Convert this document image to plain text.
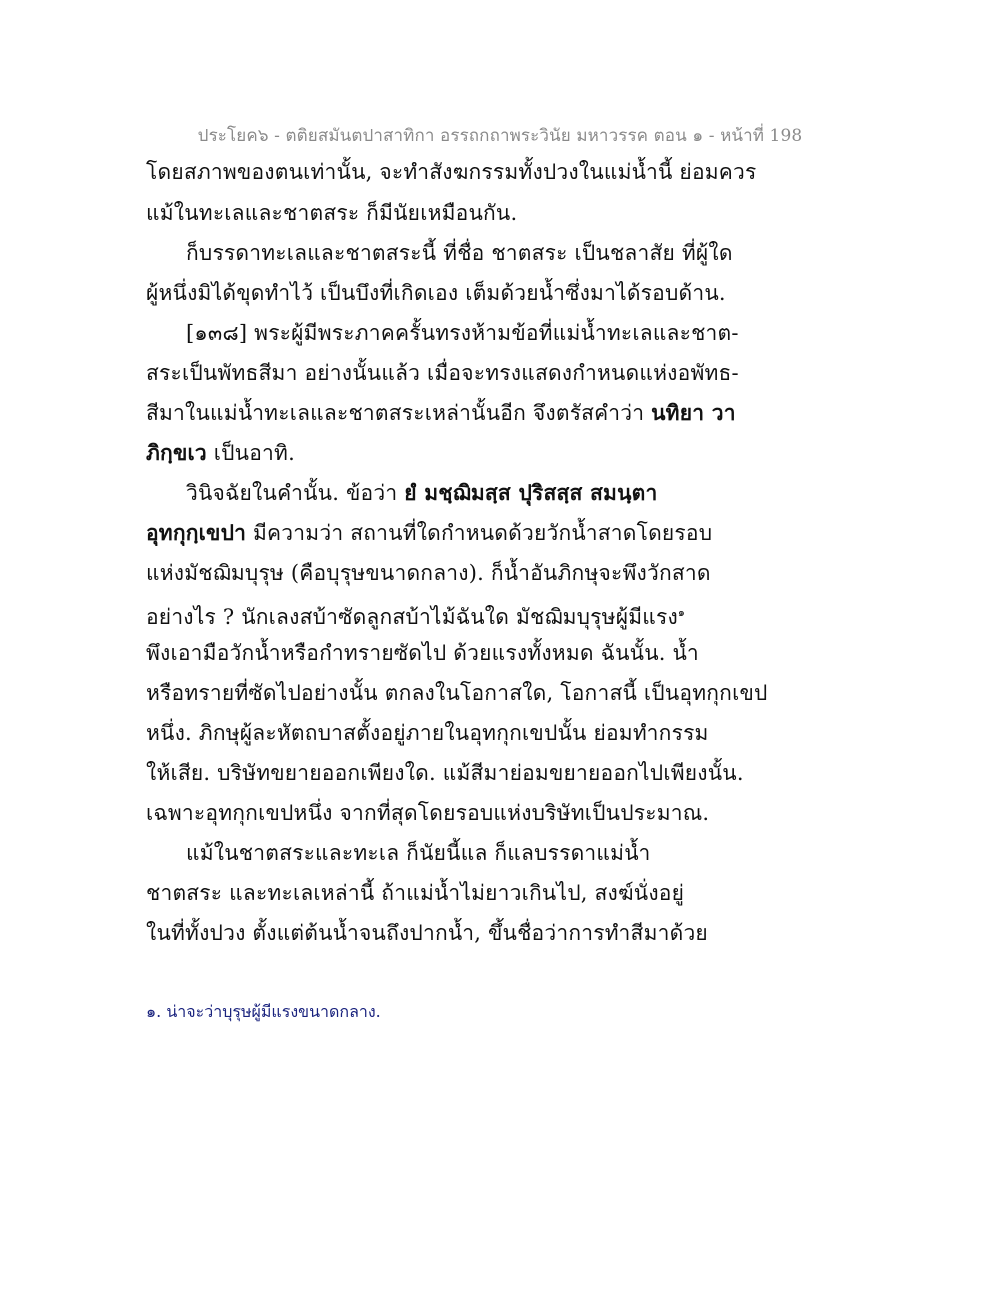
ประโยค๖ - ตติยสมันตปาสาทิกา อรรถกถาพระวินัย มหาวรรค ตอน ๑ - หน้าที่ 198
โดยสภาพของตนเท่านั้น, จะทำสังฆกรรมทั้งปวงในแม่น้ำนี้ ย่อมควร
แม้ในทะเลและชาตสระ ก็มีนัยเหมือนกัน.
ก็บรรดาทะเลและชาตสระนี้ ที่ชื่อ ชาตสระ เป็นชลาสัย ที่ผู้ใด
ผู้หนึ่งมิได้ขุดทำไว้ เป็นบึงที่เกิดเอง เต็มด้วยน้ำซึ่งมาได้รอบด้าน.
[๑๓๘] พระผู้มีพระภาคครั้นทรงห้ามข้อที่แม่น้ำทะเลและชาต-
สระเป็นพัทธสีมา อย่างนั้นแล้ว เมื่อจะทรงแสดงกำหนดแห่งอพัทธ-
สีมาในแม่น้ำทะเลและชาตสระเหล่านั้นอีก จึงตรัสคำว่า นทิยา วา
ภิกฺขเว เป็นอาทิ.
วินิจฉัยในคำนั้น. ข้อว่า ยํ มชฺฌิมสฺส ปุริสสฺส สมนฺตา
อุทกุกฺเขปา มีความว่า สถานที่ใดกำหนดด้วยวักน้ำสาดโดยรอบ
แห่งมัชฌิมบุรุษ (คือบุรุษขนาดกลาง). ก็น้ำอันภิกษุจะพึงวักสาด
อย่างไร ? นักเลงสบ้าซัดลูกสบ้าไม้ฉันใด มัชฌิมบุรุษผู้มีแรง$^๑$
พึงเอามือวักน้ำหรือกำทรายซัดไป ด้วยแรงทั้งหมด ฉันนั้น. น้ำ
หรือทรายที่ซัดไปอย่างนั้น ตกลงในโอกาสใด, โอกาสนี้ เป็นอุทกุกเขป
หนึ่ง. ภิกษุผู้ละหัตถบาสตั้งอยู่ภายในอุทกุกเขปนั้น ย่อมทำกรรม
ให้เสีย. บริษัทขยายออกเพียงใด. แม้สีมาย่อมขยายออกไปเพียงนั้น.
เฉพาะอุทกุกเขปหนึ่ง จากที่สุดโดยรอบแห่งบริษัทเป็นประมาณ.
แม้ในชาตสระและทะเล ก็นัยนี้แล ก็แลบรรดาแม่น้ำ
ชาตสระ และทะเลเหล่านี้ ถ้าแม่น้ำไม่ยาวเกินไป, สงฆ์นั่งอยู่
ในที่ทั้งปวง ตั้งแต่ต้นน้ำจนถึงปากน้ำ, ขึ้นชื่อว่าการทำสีมาด้วย
๑. น่าจะว่าบุรุษผู้มีแรงขนาดกลาง.
